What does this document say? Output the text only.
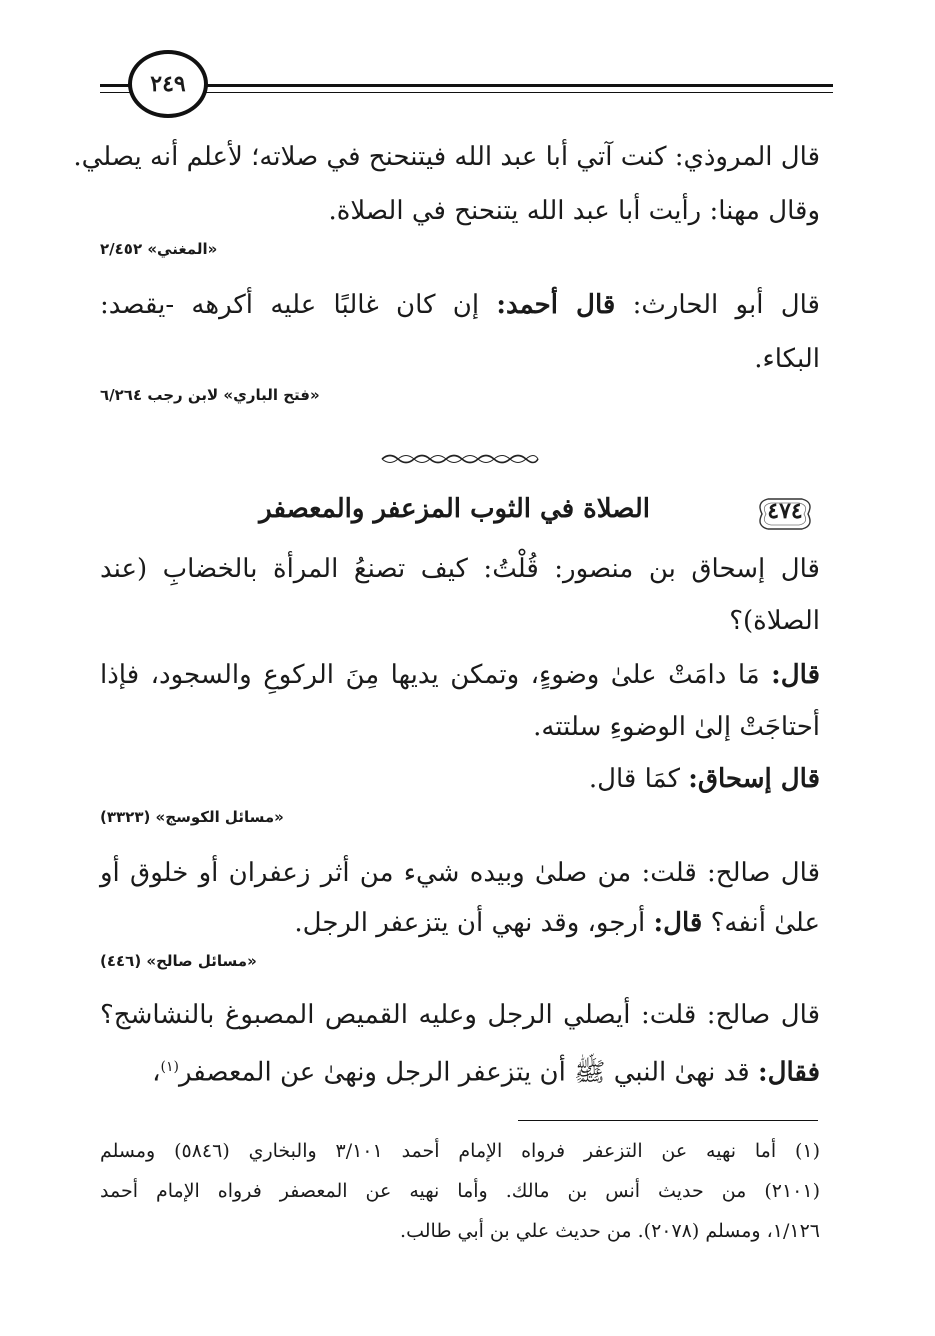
٢٤٩
قال المروذي: كنت آتي أبا عبد الله فيتنحنح في صلاته؛ لأعلم أنه يصلي.
وقال مهنا: رأيت أبا عبد الله يتنحنح في الصلاة.
«المغني» ٢/٤٥٢
قال أبو الحارث: قال أحمد: إن كان غالبًا عليه أكرهه -يقصد:
البكاء.
«فتح الباري» لابن رجب ٦/٢٦٤
٤٧٤
الصلاة في الثوب المزعفر والمعصفر
قال إسحاق بن منصور: قُلْتُ: كيف تصنعُ المرأة بالخضابِ (عند
الصلاة)؟
قال: مَا دامَتْ علىٰ وضوءٍ، وتمكن يديها مِنَ الركوعِ والسجود، فإذا
أحتاجَتْ إلىٰ الوضوءِ سلتته.
قال إسحاق: كمَا قال.
«مسائل الكوسج» (٣٣٢٣)
قال صالح: قلت: من صلىٰ وبيده شيء من أثر زعفران أو خلوق أو
علىٰ أنفه؟ قال: أرجو، وقد نهي أن يتزعفر الرجل.
«مسائل صالح» (٤٤٦)
قال صالح: قلت: أيصلي الرجل وعليه القميص المصبوغ بالنشاشج؟
فقال: قد نهىٰ النبي ﷺ أن يتزعفر الرجل ونهىٰ عن المعصفر$^{(١)}$،
(١) أما نهيه عن التزعفر فرواه الإمام أحمد ٣/١٠١ والبخاري (٥٨٤٦) ومسلم
(٢١٠١) من حديث أنس بن مالك. وأما نهيه عن المعصفر فرواه الإمام أحمد
١/١٢٦، ومسلم (٢٠٧٨). من حديث علي بن أبي طالب.
